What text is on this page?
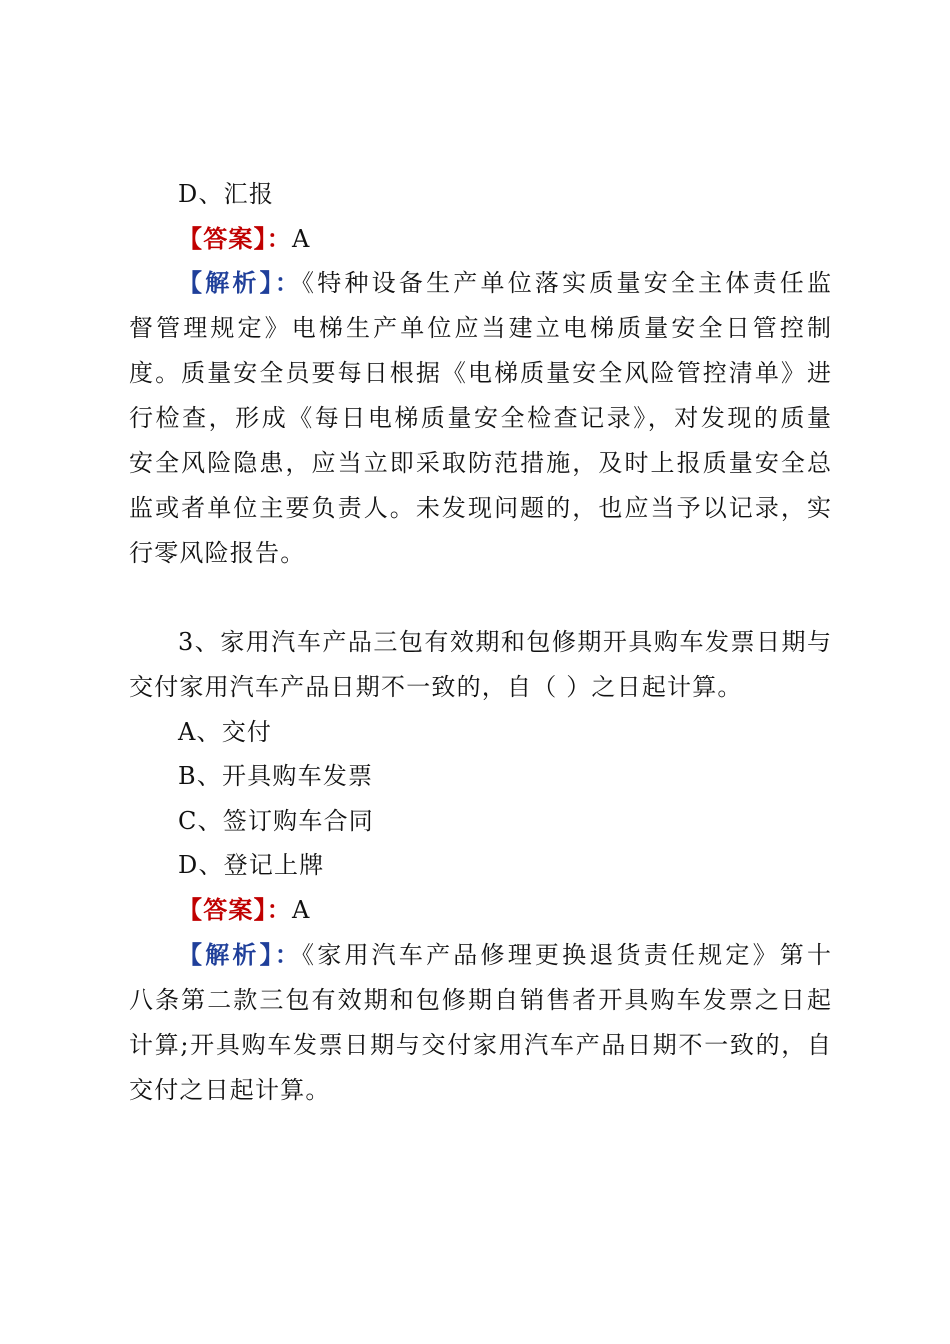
D、汇报
【答案】：A
【解析】：《特种设备生产单位落实质量安全主体责任监
督管理规定》电梯生产单位应当建立电梯质量安全日管控制
度。质量安全员要每日根据《电梯质量安全风险管控清单》进
行检查，形成《每日电梯质量安全检查记录》，对发现的质量
安全风险隐患，应当立即采取防范措施，及时上报质量安全总
监或者单位主要负责人。未发现问题的，也应当予以记录，实
行零风险报告。
3、家用汽车产品三包有效期和包修期开具购车发票日期与
交付家用汽车产品日期不一致的，自（ ）之日起计算。
A、交付
B、开具购车发票
C、签订购车合同
D、登记上牌
【答案】：A
【解析】：《家用汽车产品修理更换退货责任规定》第十
八条第二款三包有效期和包修期自销售者开具购车发票之日起
计算;开具购车发票日期与交付家用汽车产品日期不一致的，自
交付之日起计算。
